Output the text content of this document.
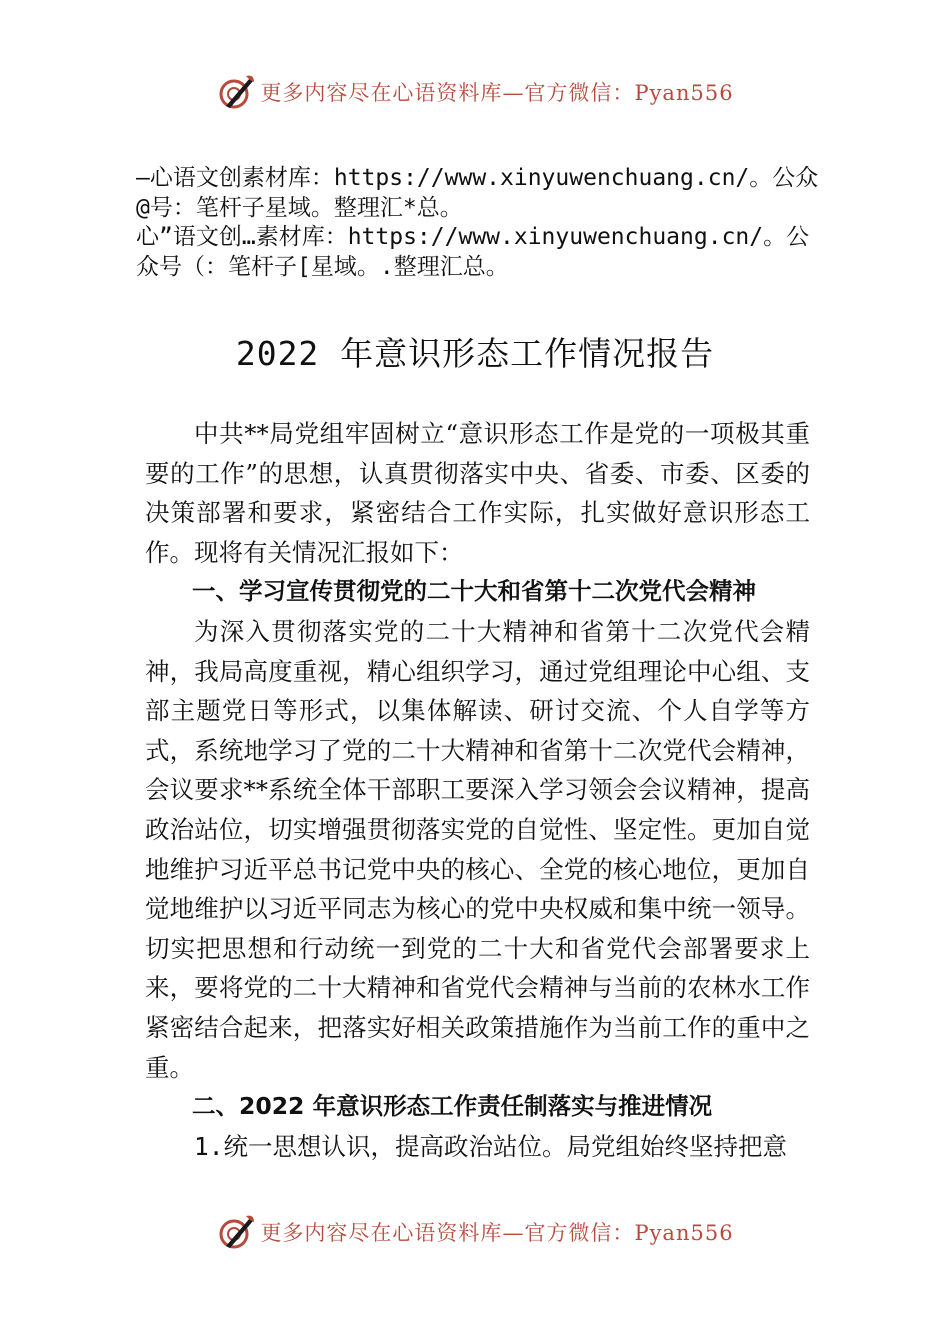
更多内容尽在心语资料库—官方微信：Pyan556

—心语文创素材库：https://www.xinyuwenchuang.cn/。公众

@号：笔杆子星域。整理汇*总。

心”语文创…素材库：https://www.xinyuwenchuang.cn/。公

众号（：笔杆子[星域。.整理汇总。

2022 年意识形态工作情况报告

中共**局党组牢固树立“意识形态工作是党的一项极其重要的工作”的思想，认真贯彻落实中央、省委、市委、区委的决策部署和要求，紧密结合工作实际，扎实做好意识形态工作。现将有关情况汇报如下：

一、学习宣传贯彻党的二十大和省第十二次党代会精神

为深入贯彻落实党的二十大精神和省第十二次党代会精神，我局高度重视，精心组织学习，通过党组理论中心组、支部主题党日等形式，以集体解读、研讨交流、个人自学等方式，系统地学习了党的二十大精神和省第十二次党代会精神，会议要求**系统全体干部职工要深入学习领会会议精神，提高政治站位，切实增强贯彻落实党的自觉性、坚定性。更加自觉地维护习近平总书记党中央的核心、全党的核心地位，更加自觉地维护以习近平同志为核心的党中央权威和集中统一领导。切实把思想和行动统一到党的二十大和省党代会部署要求上来，要将党的二十大精神和省党代会精神与当前的农林水工作紧密结合起来，把落实好相关政策措施作为当前工作的重中之重。

二、2022 年意识形态工作责任制落实与推进情况

1.统一思想认识，提高政治站位。局党组始终坚持把意

更多内容尽在心语资料库—官方微信：Pyan556
